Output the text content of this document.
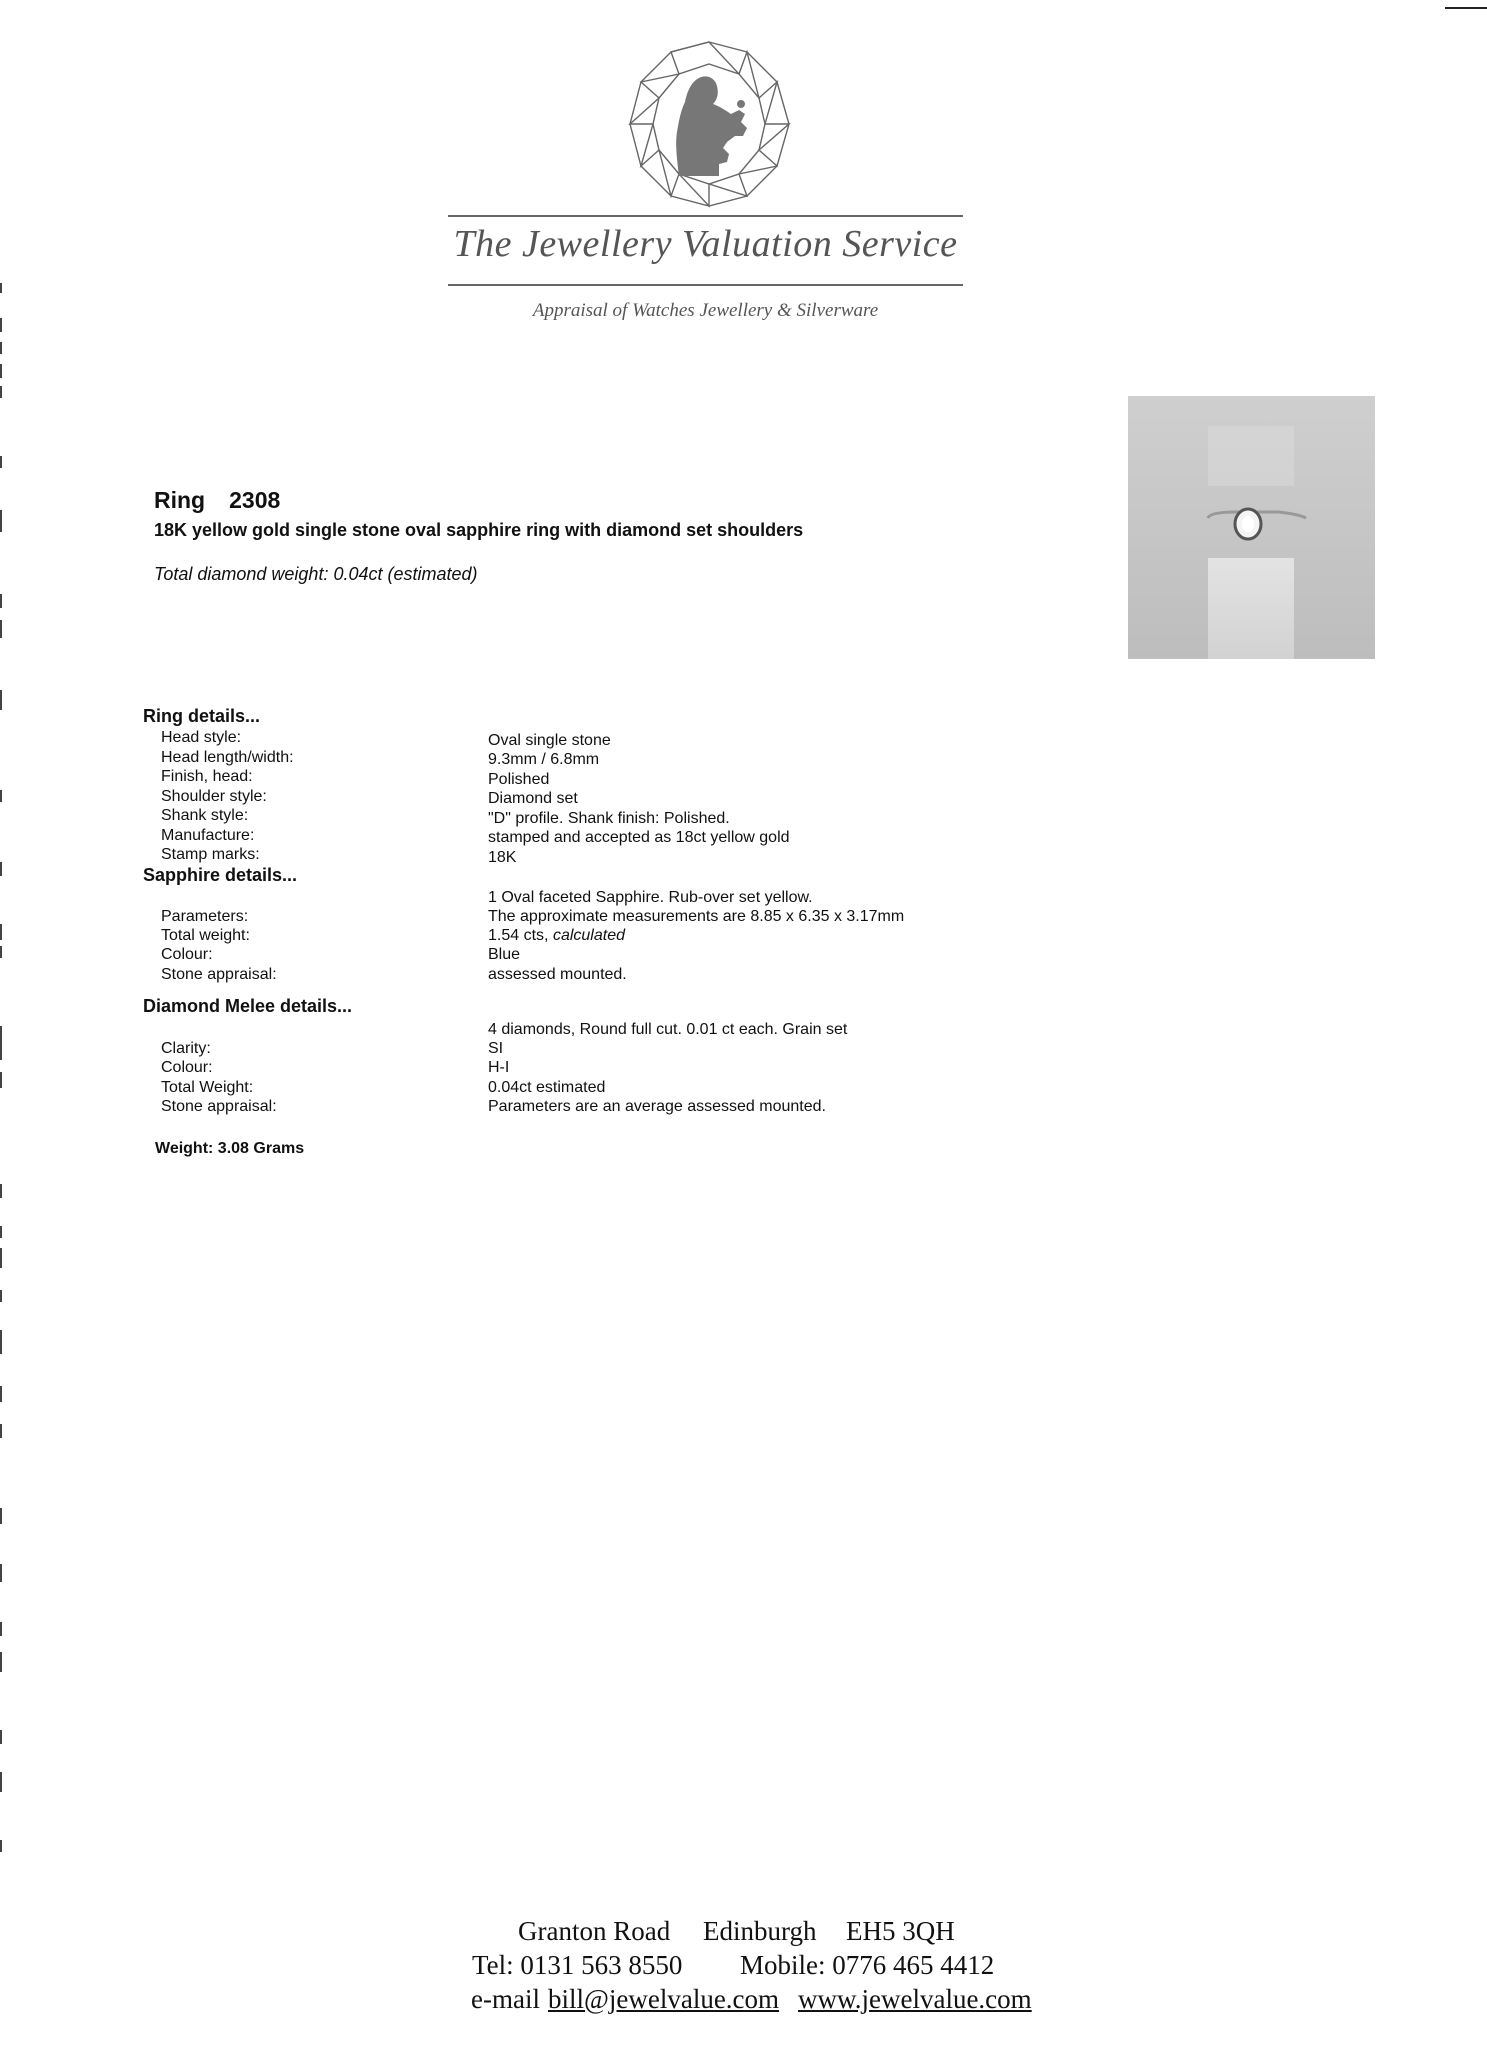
The Jewellery Valuation Service
Appraisal of Watches Jewellery & Silverware
Ring 2308
18K yellow gold single stone oval sapphire ring with diamond set shoulders
Total diamond weight: 0.04ct (estimated)
Ring details...
Head style:	Oval single stone
Head length/width:	9.3mm / 6.8mm
Finish, head:	Polished
Shoulder style:	Diamond set
Shank style:	"D" profile. Shank finish: Polished.
Manufacture:	stamped and accepted as 18ct yellow gold
Stamp marks:	18K
Sapphire details...
1 Oval faceted Sapphire. Rub-over set yellow.
Parameters:	The approximate measurements are 8.85 x 6.35 x 3.17mm
Total weight:	1.54 cts, calculated
Colour:	Blue
Stone appraisal:	assessed mounted.
Diamond Melee details...
4 diamonds, Round full cut. 0.01 ct each. Grain set
Clarity:	SI
Colour:	H-I
Total Weight:	0.04ct estimated
Stone appraisal:	Parameters are an average assessed mounted.
Weight: 3.08 Grams
Granton Road Edinburgh EH5 3QH
Tel: 0131 563 8550 Mobile: 0776 465 4412
e-mail bill@jewelvalue.com www.jewelvalue.com
